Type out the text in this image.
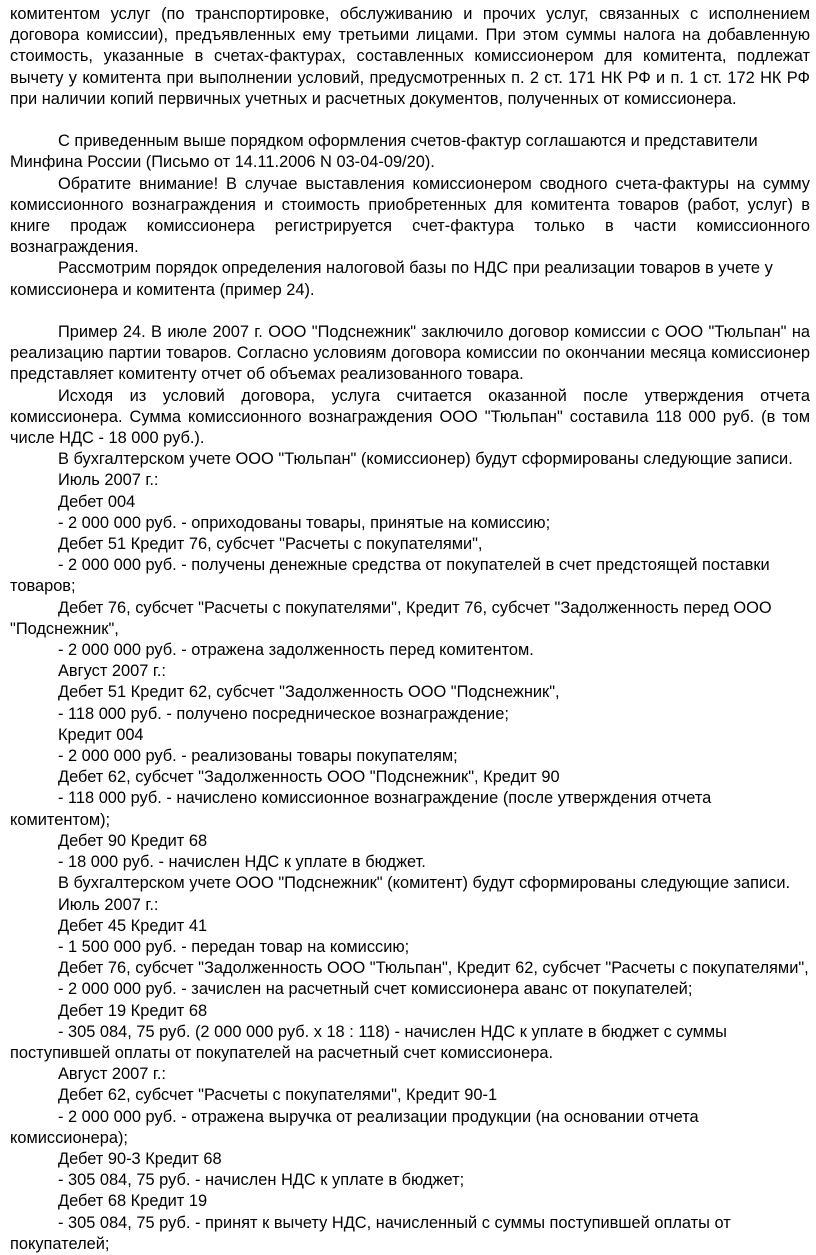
комитентом услуг (по транспортировке, обслуживанию и прочих услуг, связанных с исполнением договора комиссии), предъявленных ему третьими лицами. При этом суммы налога на добавленную стоимость, указанные в счетах-фактурах, составленных комиссионером для комитента, подлежат вычету у комитента при выполнении условий, предусмотренных п. 2 ст. 171 НК РФ и п. 1 ст. 172 НК РФ при наличии копий первичных учетных и расчетных документов, полученных от комиссионера.

С приведенным выше порядком оформления счетов-фактур соглашаются и представители Минфина России (Письмо от 14.11.2006 N 03-04-09/20).

Обратите внимание! В случае выставления комиссионером сводного счета-фактуры на сумму комиссионного вознаграждения и стоимость приобретенных для комитента товаров (работ, услуг) в книге продаж комиссионера регистрируется счет-фактура только в части комиссионного вознаграждения.

Рассмотрим порядок определения налоговой базы по НДС при реализации товаров в учете у комиссионера и комитента (пример 24).

Пример 24. В июле 2007 г. ООО "Подснежник" заключило договор комиссии с ООО "Тюльпан" на реализацию партии товаров. Согласно условиям договора комиссии по окончании месяца комиссионер представляет комитенту отчет об объемах реализованного товара.

Исходя из условий договора, услуга считается оказанной после утверждения отчета комиссионера. Сумма комиссионного вознаграждения ООО "Тюльпан" составила 118 000 руб. (в том числе НДС - 18 000 руб.).

В бухгалтерском учете ООО "Тюльпан" (комиссионер) будут сформированы следующие записи.

Июль 2007 г.:

Дебет 004

- 2 000 000 руб. - оприходованы товары, принятые на комиссию;

Дебет 51 Кредит 76, субсчет "Расчеты с покупателями",

- 2 000 000 руб. - получены денежные средства от покупателей в счет предстоящей поставки товаров;

Дебет 76, субсчет "Расчеты с покупателями", Кредит 76, субсчет "Задолженность перед ООО "Подснежник",

- 2 000 000 руб. - отражена задолженность перед комитентом.

Август 2007 г.:

Дебет 51 Кредит 62, субсчет "Задолженность ООО "Подснежник",

- 118 000 руб. - получено посредническое вознаграждение;

Кредит 004

- 2 000 000 руб. - реализованы товары покупателям;

Дебет 62, субсчет "Задолженность ООО "Подснежник", Кредит 90

- 118 000 руб. - начислено комиссионное вознаграждение (после утверждения отчета комитентом);

Дебет 90 Кредит 68

- 18 000 руб. - начислен НДС к уплате в бюджет.

В бухгалтерском учете ООО "Подснежник" (комитент) будут сформированы следующие записи.

Июль 2007 г.:

Дебет 45 Кредит 41

- 1 500 000 руб. - передан товар на комиссию;

Дебет 76, субсчет "Задолженность ООО "Тюльпан", Кредит 62, субсчет "Расчеты с покупателями",

- 2 000 000 руб. - зачислен на расчетный счет комиссионера аванс от покупателей;

Дебет 19 Кредит 68

- 305 084, 75 руб. (2 000 000 руб. x 18 : 118) - начислен НДС к уплате в бюджет с суммы поступившей оплаты от покупателей на расчетный счет комиссионера.

Август 2007 г.:

Дебет 62, субсчет "Расчеты с покупателями", Кредит 90-1

- 2 000 000 руб. - отражена выручка от реализации продукции (на основании отчета комиссионера);

Дебет 90-3 Кредит 68

- 305 084, 75 руб. - начислен НДС к уплате в бюджет;

Дебет 68 Кредит 19

- 305 084, 75 руб. - принят к вычету НДС, начисленный с суммы поступившей оплаты от покупателей;
